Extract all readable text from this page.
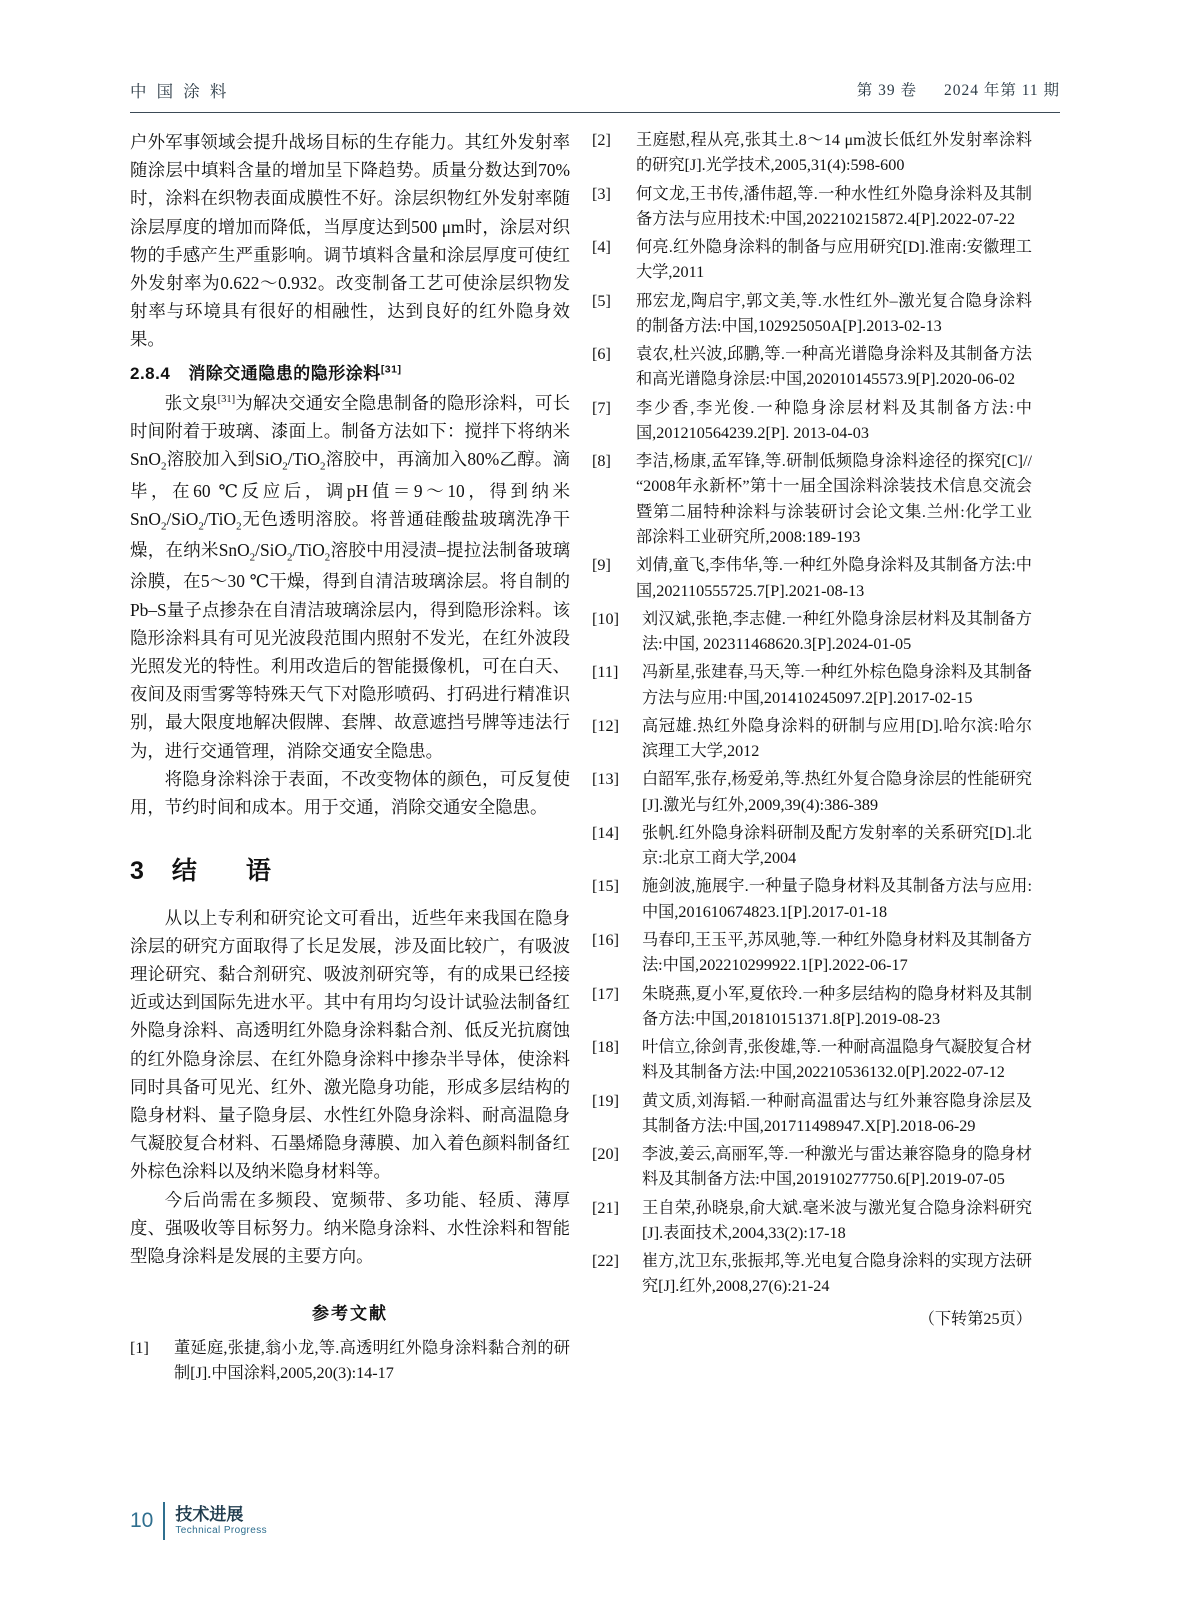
中 国 涂 料	第 39 卷 2024 年第 11 期

户外军事领域会提升战场目标的生存能力。其红外发射率随涂层中填料含量的增加呈下降趋势。质量分数达到70%时，涂料在织物表面成膜性不好。涂层织物红外发射率随涂层厚度的增加而降低，当厚度达到500 μm时，涂层对织物的手感产生严重影响。调节填料含量和涂层厚度可使红外发射率为0.622～0.932。改变制备工艺可使涂层织物发射率与环境具有很好的相融性，达到良好的红外隐身效果。

2.8.4 消除交通隐患的隐形涂料[31]

张文泉[31]为解决交通安全隐患制备的隐形涂料，可长时间附着于玻璃、漆面上。制备方法如下：搅拌下将纳米SnO$_2$溶胶加入到SiO$_2$/TiO$_2$溶胶中，再滴加入80%乙醇。滴毕，在60 ℃反应后，调pH值＝9～10，得到纳米SnO$_2$/SiO$_2$/TiO$_2$无色透明溶胶。将普通硅酸盐玻璃洗净干燥，在纳米SnO$_2$/SiO$_2$/TiO$_2$溶胶中用浸渍–提拉法制备玻璃涂膜，在5～30 ℃干燥，得到自清洁玻璃涂层。将自制的Pb–S量子点掺杂在自清洁玻璃涂层内，得到隐形涂料。该隐形涂料具有可见光波段范围内照射不发光，在红外波段光照发光的特性。利用改造后的智能摄像机，可在白天、夜间及雨雪雾等特殊天气下对隐形喷码、打码进行精准识别，最大限度地解决假牌、套牌、故意遮挡号牌等违法行为，进行交通管理，消除交通安全隐患。

将隐身涂料涂于表面，不改变物体的颜色，可反复使用，节约时间和成本。用于交通，消除交通安全隐患。

3 结　语

从以上专利和研究论文可看出，近些年来我国在隐身涂层的研究方面取得了长足发展，涉及面比较广，有吸波理论研究、黏合剂研究、吸波剂研究等，有的成果已经接近或达到国际先进水平。其中有用均匀设计试验法制备红外隐身涂料、高透明红外隐身涂料黏合剂、低反光抗腐蚀的红外隐身涂层、在红外隐身涂料中掺杂半导体，使涂料同时具备可见光、红外、激光隐身功能，形成多层结构的隐身材料、量子隐身层、水性红外隐身涂料、耐高温隐身气凝胶复合材料、石墨烯隐身薄膜、加入着色颜料制备红外棕色涂料以及纳米隐身材料等。

今后尚需在多频段、宽频带、多功能、轻质、薄厚度、强吸收等目标努力。纳米隐身涂料、水性涂料和智能型隐身涂料是发展的主要方向。

参考文献
[1]	董延庭,张捷,翁小龙,等.高透明红外隐身涂料黏合剂的研制[J].中国涂料,2005,20(3):14-17
[2]	王庭慰,程从亮,张其土.8～14 μm波长低红外发射率涂料的研究[J].光学技术,2005,31(4):598-600
[3]	何文龙,王书传,潘伟超,等.一种水性红外隐身涂料及其制备方法与应用技术:中国,202210215872.4[P].2022-07-22
[4]	何亮.红外隐身涂料的制备与应用研究[D].淮南:安徽理工大学,2011
[5]	邢宏龙,陶启宇,郭文美,等.水性红外–激光复合隐身涂料的制备方法:中国,102925050A[P].2013-02-13
[6]	袁农,杜兴波,邱鹏,等.一种高光谱隐身涂料及其制备方法和高光谱隐身涂层:中国,202010145573.9[P].2020-06-02
[7]	李少香,李光俊.一种隐身涂层材料及其制备方法:中国,201210564239.2[P]. 2013-04-03
[8]	李洁,杨康,孟军锋,等.研制低频隐身涂料途径的探究[C]// “2008年永新杯”第十一届全国涂料涂装技术信息交流会暨第二届特种涂料与涂装研讨会论文集.兰州:化学工业部涂料工业研究所,2008:189-193
[9]	刘倩,童飞,李伟华,等.一种红外隐身涂料及其制备方法:中国,202110555725.7[P].2021-08-13
[10]	刘汉斌,张艳,李志健.一种红外隐身涂层材料及其制备方法:中国, 202311468620.3[P].2024-01-05
[11]	冯新星,张建春,马天,等.一种红外棕色隐身涂料及其制备方法与应用:中国,201410245097.2[P].2017-02-15
[12]	高冠雄.热红外隐身涂料的研制与应用[D].哈尔滨:哈尔滨理工大学,2012
[13]	白韶军,张存,杨爱弟,等.热红外复合隐身涂层的性能研究[J].激光与红外,2009,39(4):386-389
[14]	张帆.红外隐身涂料研制及配方发射率的关系研究[D].北京:北京工商大学,2004
[15]	施剑波,施展宇.一种量子隐身材料及其制备方法与应用:中国,201610674823.1[P].2017-01-18
[16]	马春印,王玉平,苏凤驰,等.一种红外隐身材料及其制备方法:中国,202210299922.1[P].2022-06-17
[17]	朱晓燕,夏小军,夏依玲.一种多层结构的隐身材料及其制备方法:中国,201810151371.8[P].2019-08-23
[18]	叶信立,徐剑青,张俊雄,等.一种耐高温隐身气凝胶复合材料及其制备方法:中国,202210536132.0[P].2022-07-12
[19]	黄文质,刘海韬.一种耐高温雷达与红外兼容隐身涂层及其制备方法:中国,201711498947.X[P].2018-06-29
[20]	李波,姜云,高丽军,等.一种激光与雷达兼容隐身的隐身材料及其制备方法:中国,201910277750.6[P].2019-07-05
[21]	王自荣,孙晓泉,俞大斌.毫米波与激光复合隐身涂料研究[J].表面技术,2004,33(2):17-18
[22]	崔方,沈卫东,张振邦,等.光电复合隐身涂料的实现方法研究[J].红外,2008,27(6):21-24
（下转第25页）
10 技术进展
Technical Progress
